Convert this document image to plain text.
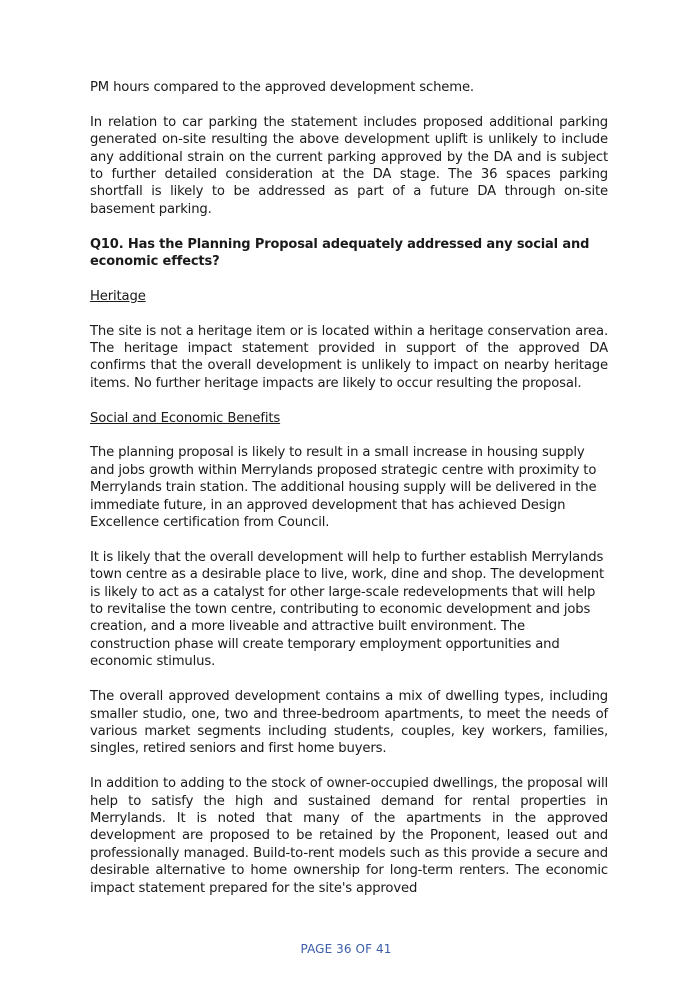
PM hours compared to the approved development scheme.

In relation to car parking the statement includes proposed additional parking generated on-site resulting the above development uplift is unlikely to include any additional strain on the current parking approved by the DA and is subject to further detailed consideration at the DA stage. The 36 spaces parking shortfall is likely to be addressed as part of a future DA through on-site basement parking.

Q10. Has the Planning Proposal adequately addressed any social and economic effects?

Heritage

The site is not a heritage item or is located within a heritage conservation area. The heritage impact statement provided in support of the approved DA confirms that the overall development is unlikely to impact on nearby heritage items. No further heritage impacts are likely to occur resulting the proposal.

Social and Economic Benefits

The planning proposal is likely to result in a small increase in housing supply and jobs growth within Merrylands proposed strategic centre with proximity to Merrylands train station. The additional housing supply will be delivered in the immediate future, in an approved development that has achieved Design Excellence certification from Council.

It is likely that the overall development will help to further establish Merrylands town centre as a desirable place to live, work, dine and shop. The development is likely to act as a catalyst for other large-scale redevelopments that will help to revitalise the town centre, contributing to economic development and jobs creation, and a more liveable and attractive built environment. The construction phase will create temporary employment opportunities and economic stimulus.

The overall approved development contains a mix of dwelling types, including smaller studio, one, two and three-bedroom apartments, to meet the needs of various market segments including students, couples, key workers, families, singles, retired seniors and first home buyers.

In addition to adding to the stock of owner-occupied dwellings, the proposal will help to satisfy the high and sustained demand for rental properties in Merrylands. It is noted that many of the apartments in the approved development are proposed to be retained by the Proponent, leased out and professionally managed. Build-to-rent models such as this provide a secure and desirable alternative to home ownership for long-term renters. The economic impact statement prepared for the site's approved

PAGE 36 OF 41
